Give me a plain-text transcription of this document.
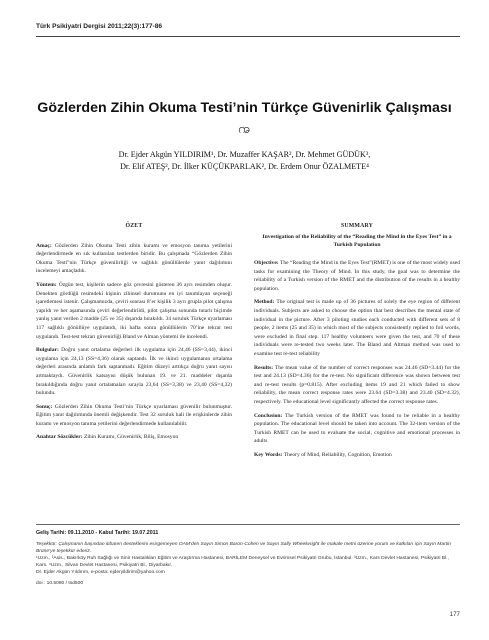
Türk Psikiyatri Dergisi 2011;22(3):177-86
Gözlerden Zihin Okuma Testi’nin Türkçe Güvenirlik Çalışması
ꩠ
Dr. Ejder Akgün YILDIRIM¹, Dr. Muzaffer KAŞAR², Dr. Mehmet GÜDÜK³,
Dr. Elif ATEŞ², Dr. İlker KÜÇÜKPARLAK², Dr. Erdem Onur ÖZALMETE⁴
ÖZET

Amaç: Gözlerden Zihin Okuma Testi zihin kuramı ve emosyon tanıma yetilerini değerlendirmede en sık kullanılan testlerden biridir. Bu çalışmada “Gözlerden Zihin Okuma Testi”nin Türkçe güvenilirliği ve sağlıklı gönüllülerde yanıt dağılımını incelemeyi amaçladık.

Yöntem: Özgün test, kişilerin sadece göz çevresini gösteren 36 ayrı resimden oluşur. Denekten gördüğü resimdeki kişinin zihinsel durumunu en iyi tanımlayan seçeneği işaretlemesi istenir. Çalışmamızda, çeviri sonrası 8’er kişilik 3 ayrı grupla pilot çalışma yapıldı ve her aşamasında çeviri değerlendirildi, pilot çalışma sonunda tutarlı biçimde yanlış yanıt verilen 2 madde (25 ve 35) dışarıda bırakıldı. 34 soruluk Türkçe uyarlaması 117 sağlıklı gönüllüye uygulandı, iki hafta sonra gönüllülerin 70’ine tekrar test uygulandı. Test-test tekrarı güvenirliği Bland ve Alman yöntemi ile incelendi.

Bulgular: Doğru yanıt ortalama değerleri ilk uygulama için 24,46 (SS=3,44), ikinci uygulama için 24,13 (SS=4,36) olarak saptandı. İlk ve ikinci uygulamanın ortalama değerleri arasında anlamlı fark saptanmadı. Eğitim düzeyi arttıkça doğru yanıt sayısı artmaktaydı. Güvenirlik katsayısı düşük bulunan 19. ve 21. maddeler dışarda bırakıldığında doğru yanıt ortalamaları sırayla 23,64 (SS=3,38) ve 23,40 (SS=4,32) bulundu.

Sonuç: Gözlerden Zihin Okuma Testi’nin Türkçe uyarlaması güvenilir bulunmuştur. Eğitim yanıt dağılımında önemli değişkendir. Test 32 soruluk hali ile erişkinlerde zihin kuramı ve emosyon tanıma yetilerini değerlendirmede kullanılabilir.

Anahtar Sözcükler: Zihin Kuramı, Güvenirlik, Biliş, Emosyon

SUMMARY
Investigation of the Reliability of the “Reading the Mind in the Eyes Test” in a Turkish Population

Objective: The “Reading the Mind in the Eyes Test”(RMET) is one of the most widely used tasks for examining the Theory of Mind. In this study, the goal was to determine the reliability of a Turkish version of the RMET and the distribution of the results in a healthy population.

Method: The original test is made up of 36 pictures of solely the eye region of different individuals. Subjects are asked to choose the option that best describes the mental state of individual in the picture. After 3 piloting studies each conducted with different sets of 8 people, 2 items (25 and 35) in which most of the subjects consistently replied to foil words, were excluded in final step. 117 healthy volunteers were given the test, and 70 of these individuals were re-tested two weeks later. The Bland and Altman method was used to examine test re-test reliability

Results: The mean value of the number of correct responses was 24.46 (SD=3.44) for the test and 24.13 (SD=4.36) for the re-test. No significant difference was shown between test and re-test results (p=0.815). After excluding items 19 and 21 which failed to show reliability, the mean correct response rates were 23.64 (SD=3.38) and 23.40 (SD=4.32), respectively. The educational level significantly affected the correct response rates.

Conclusion: The Turkish version of the RMET was found to be reliable in a healthy population. The educational level should be taken into account. The 32-item version of the Turkish RMET can be used to evaluate the social, cognitive and emotional processes in adults

Key Words: Theory of Mind, Reliability, Cognition, Emotion

Geliş Tarihi: 09.11.2010 - Kabul Tarihi: 19.07.2011

Teşekkür: Çalışmanın başından itibaren desteklerini esirgemeyen OAM’den Sayın Simon Baron-Cohen ve Sayın Sally Wheelwright ile makale metni üzerine yorum ve katkıları için Sayın Martin Brüne’ye teşekkür ederiz.

¹Uzm., ²Asis., Bakırköy Ruh Sağlığı ve Sinir Hastalıkları Eğitim ve Araştırma Hastanesi, BARİLEM Deneysel ve Evrimsel Psikiyatri Grubu, İstanbul. ³Uzm., Kars Devlet Hastanesi, Psikiyatri Bl., Kars. ⁴Uzm., Silvan Devlet Hastanesi, Psikiyatri Bl., Diyarbakır.

Dr. Ejder Akgün Yıldırım, e-posta: ejderyildirim@yahoo.com

doi : 10.5080 / tsd500

177
